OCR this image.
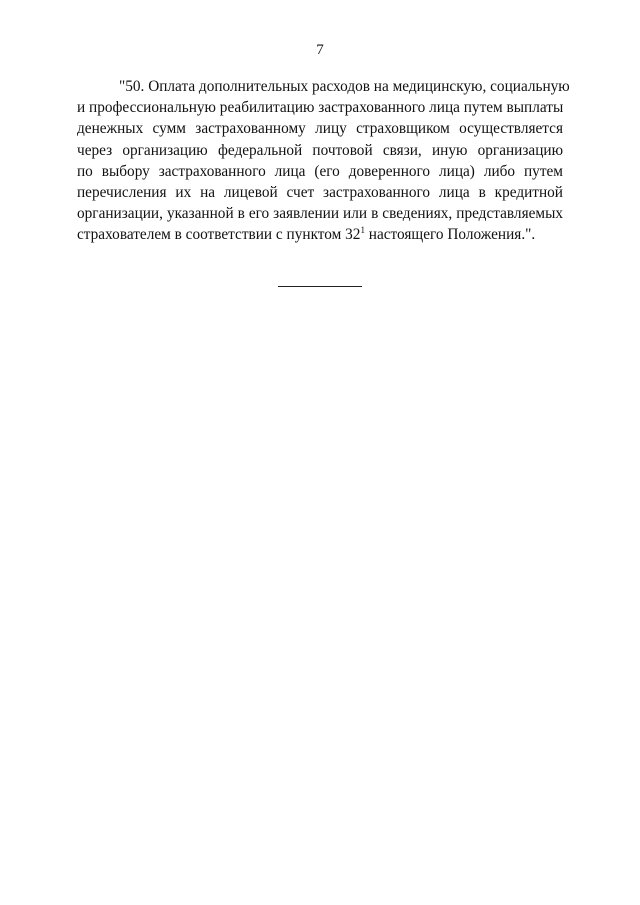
7
"50. Оплата дополнительных расходов на медицинскую, социальную
и профессиональную реабилитацию застрахованного лица путем выплаты
денежных сумм застрахованному лицу страховщиком осуществляется
через организацию федеральной почтовой связи, иную организацию
по выбору застрахованного лица (его доверенного лица) либо путем
перечисления их на лицевой счет застрахованного лица в кредитной
организации, указанной в его заявлении или в сведениях, представляемых
страхователем в соответствии с пунктом $32^1$ настоящего Положения.".
